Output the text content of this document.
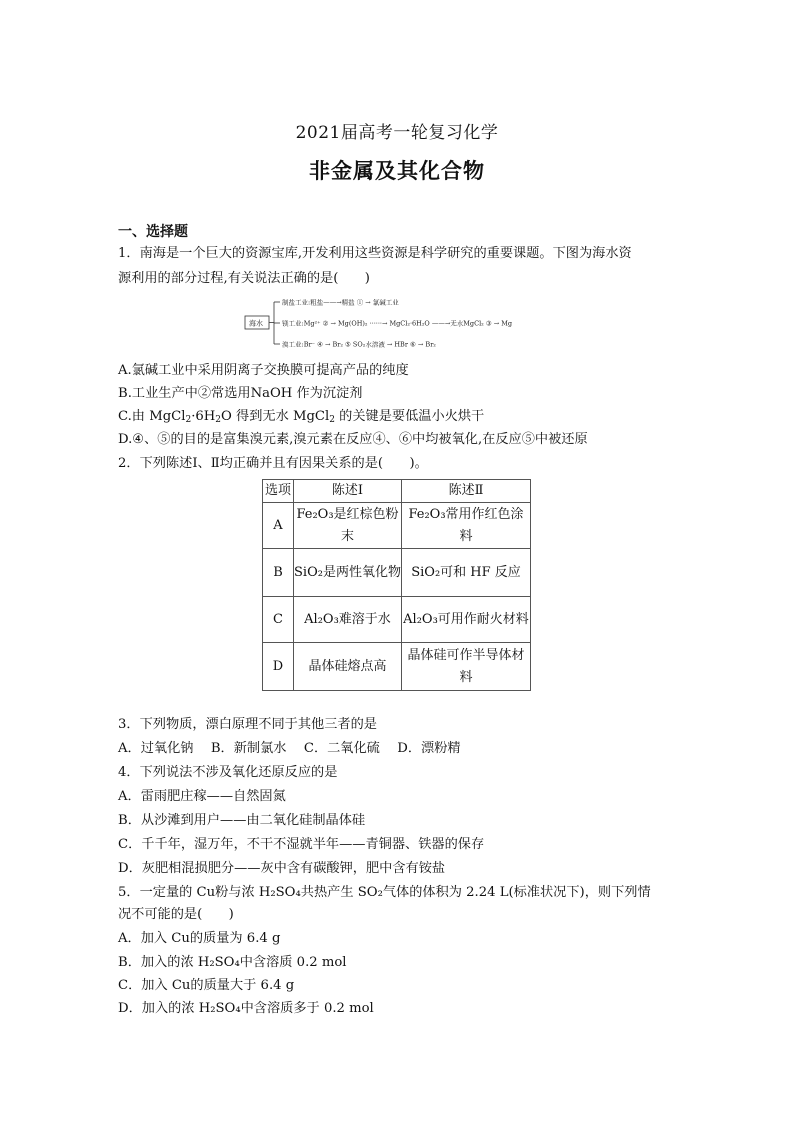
2021届高考一轮复习化学
非金属及其化合物
一、选择题
1．南海是一个巨大的资源宝库,开发利用这些资源是科学研究的重要课题。下图为海水资
源利用的部分过程,有关说法正确的是(　　)
海水
制盐工业:粗盐——→精盐 ① → 氯碱工业
镁工业:Mg²⁺ ② → Mg(OH)₂ ······→ MgCl₂·6H₂O ——→无水MgCl₂ ③ → Mg
溴工业:Br⁻ ④ → Br₂ ⑤ SO₂水溶液 → HBr ⑥ → Br₂
A.氯碱工业中采用阴离子交换膜可提高产品的纯度
B.工业生产中②常选用NaOH 作为沉淀剂
C.由 $MgCl_2\cdot 6H_2O$ 得到无水 MgCl$_2$ 的关键是要低温小火烘干
D.④、⑤的目的是富集溴元素,溴元素在反应④、⑥中均被氧化,在反应⑤中被还原
2．下列陈述Ⅰ、Ⅱ均正确并且有因果关系的是(　　)。
选项	陈述Ⅰ	陈述Ⅱ
A	Fe₂O₃是红棕色粉末	Fe₂O₃常用作红色涂料
B	SiO₂是两性氧化物	SiO₂可和 HF 反应
C	Al₂O₃难溶于水	Al₂O₃可用作耐火材料
D	晶体硅熔点高	晶体硅可作半导体材料
3．下列物质，漂白原理不同于其他三者的是
A．过氧化钠　 B．新制氯水　 C．二氧化硫　 D．漂粉精
4．下列说法不涉及氧化还原反应的是
A．雷雨肥庄稼——自然固氮
B．从沙滩到用户——由二氧化硅制晶体硅
C．千千年，湿万年，不干不湿就半年——青铜器、铁器的保存
D．灰肥相混损肥分——灰中含有碳酸钾，肥中含有铵盐
5．一定量的 Cu粉与浓 H₂SO₄共热产生 SO₂气体的体积为 2.24 L(标准状况下)，则下列情
况不可能的是(　　)
A．加入 Cu的质量为 6.4 g
B．加入的浓 H₂SO₄中含溶质 0.2 mol
C．加入 Cu的质量大于 6.4 g
D．加入的浓 H₂SO₄中含溶质多于 0.2 mol
